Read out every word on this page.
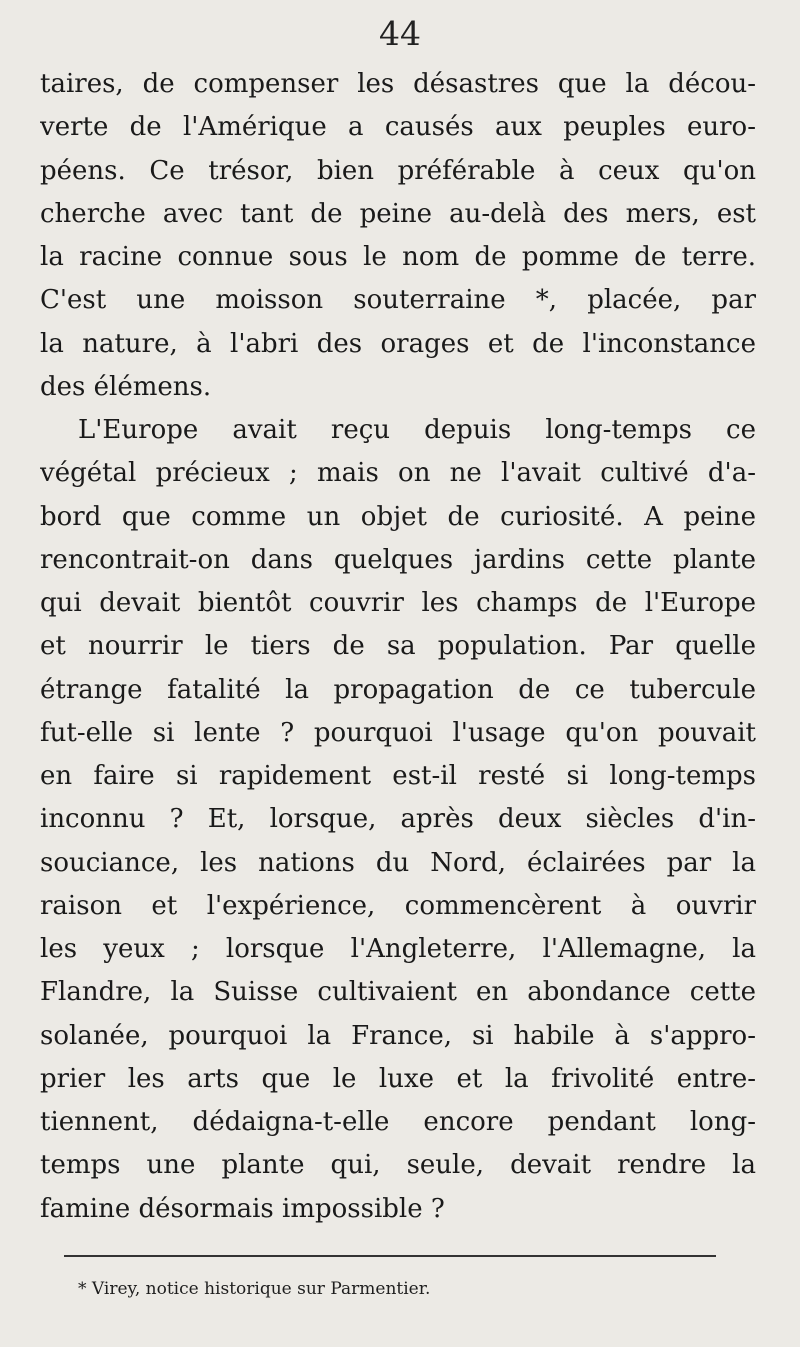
44
taires, de compenser les désastres que la décou-
verte de l'Amérique a causés aux peuples euro-
péens. Ce trésor, bien préférable à ceux qu'on
cherche avec tant de peine au-delà des mers, est
la racine connue sous le nom de pomme de terre.
C'est une moisson souterraine *, placée, par
la nature, à l'abri des orages et de l'inconstance
des élémens.
L'Europe avait reçu depuis long-temps ce
végétal précieux ; mais on ne l'avait cultivé d'a-
bord que comme un objet de curiosité. A peine
rencontrait-on dans quelques jardins cette plante
qui devait bientôt couvrir les champs de l'Europe
et nourrir le tiers de sa population. Par quelle
étrange fatalité la propagation de ce tubercule
fut-elle si lente ? pourquoi l'usage qu'on pouvait
en faire si rapidement est-il resté si long-temps
inconnu ? Et, lorsque, après deux siècles d'in-
souciance, les nations du Nord, éclairées par la
raison et l'expérience, commencèrent à ouvrir
les yeux ; lorsque l'Angleterre, l'Allemagne, la
Flandre, la Suisse cultivaient en abondance cette
solanée, pourquoi la France, si habile à s'appro-
prier les arts que le luxe et la frivolité entre-
tiennent, dédaigna-t-elle encore pendant long-
temps une plante qui, seule, devait rendre la
famine désormais impossible ?
* Virey, notice historique sur Parmentier.
